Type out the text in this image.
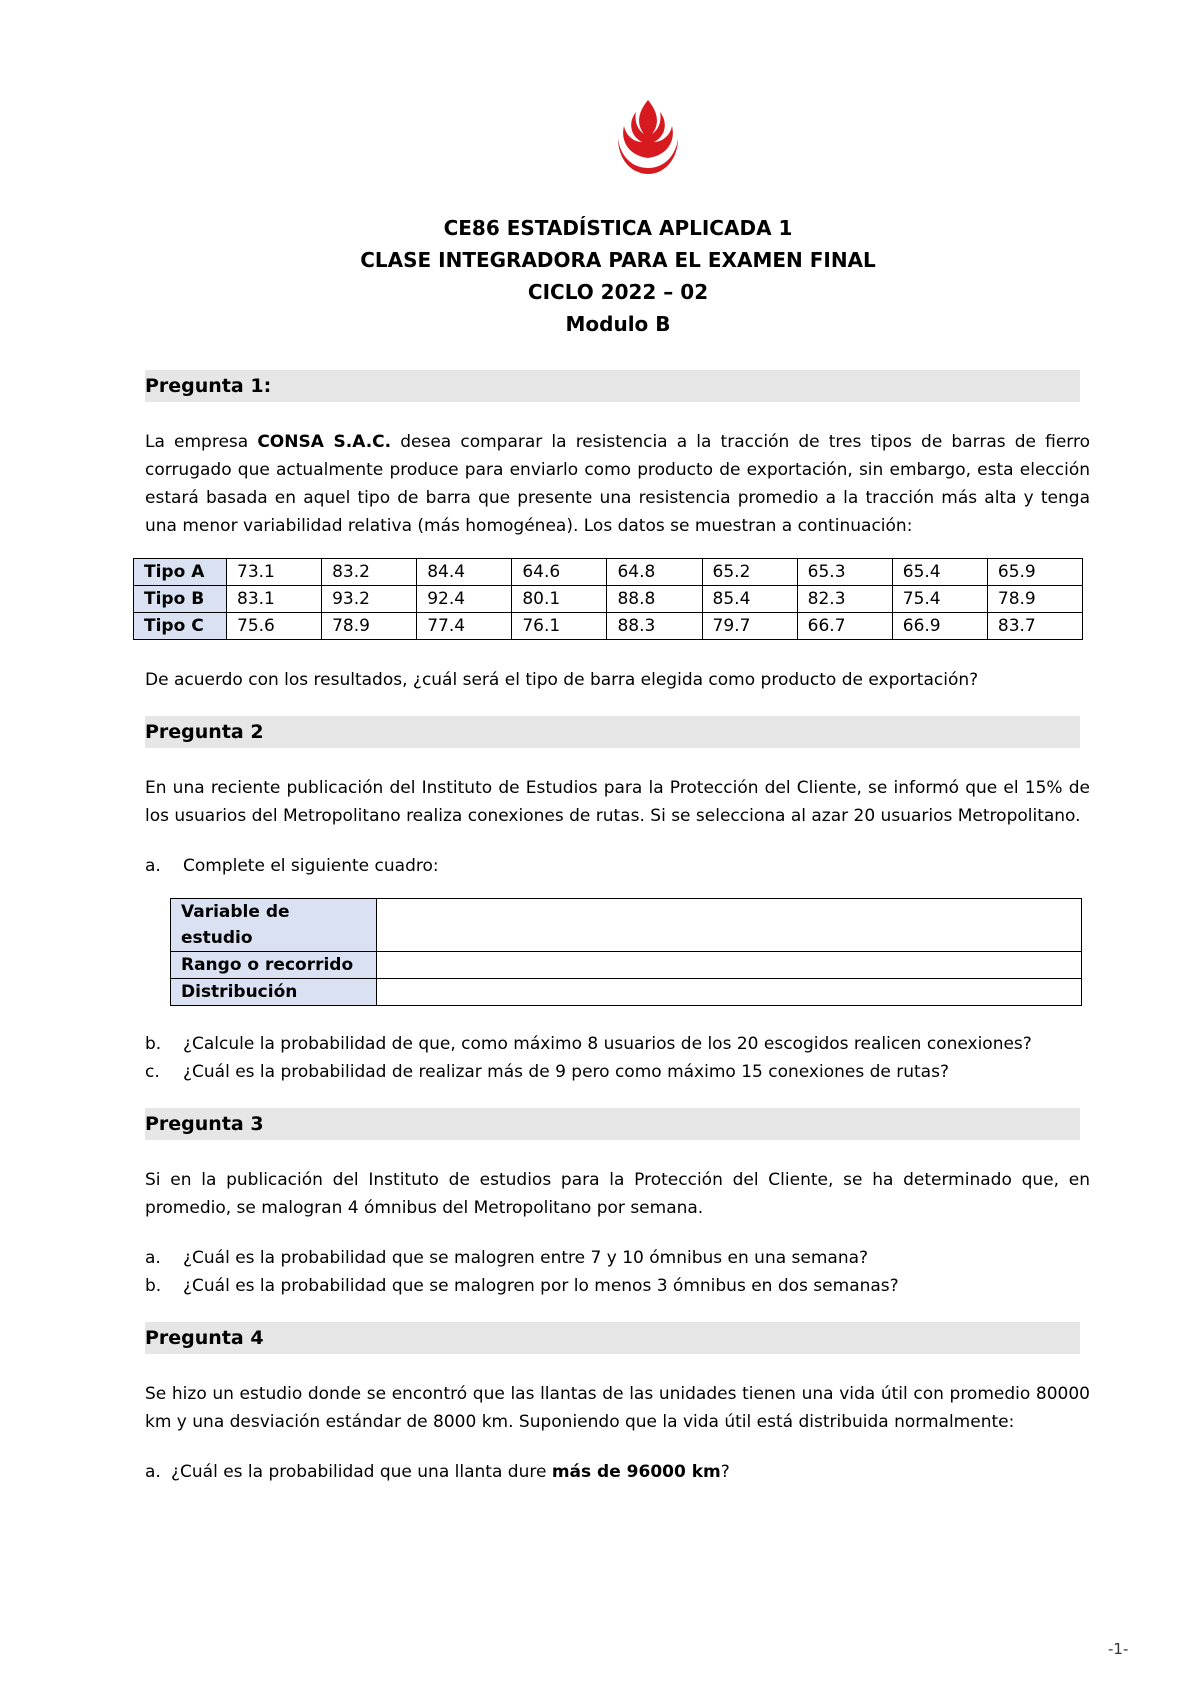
CE86 ESTADÍSTICA APLICADA 1
CLASE INTEGRADORA PARA EL EXAMEN FINAL
CICLO 2022 – 02
Modulo B
Pregunta 1:

La empresa CONSA S.A.C. desea comparar la resistencia a la tracción de tres tipos de barras de fierro corrugado que actualmente produce para enviarlo como producto de exportación, sin embargo, esta elección estará basada en aquel tipo de barra que presente una resistencia promedio a la tracción más alta y tenga una menor variabilidad relativa (más homogénea). Los datos se muestran a continuación:

Tipo A	73.1	83.2	84.4	64.6	64.8	65.2	65.3	65.4	65.9
Tipo B	83.1	93.2	92.4	80.1	88.8	85.4	82.3	75.4	78.9
Tipo C	75.6	78.9	77.4	76.1	88.3	79.7	66.7	66.9	83.7

De acuerdo con los resultados, ¿cuál será el tipo de barra elegida como producto de exportación?

Pregunta 2

En una reciente publicación del Instituto de Estudios para la Protección del Cliente, se informó que el 15% de los usuarios del Metropolitano realiza conexiones de rutas. Si se selecciona al azar 20 usuarios Metropolitano.

a.	Complete el siguiente cuadro:
Variable de estudio	
Rango o recorrido	
Distribución	
b.	¿Calcule la probabilidad de que, como máximo 8 usuarios de los 20 escogidos realicen conexiones?
c.	¿Cuál es la probabilidad de realizar más de 9 pero como máximo 15 conexiones de rutas?
Pregunta 3

Si en la publicación del Instituto de estudios para la Protección del Cliente, se ha determinado que, en promedio, se malogran 4 ómnibus del Metropolitano por semana.

a.	¿Cuál es la probabilidad que se malogren entre 7 y 10 ómnibus en una semana?
b.	¿Cuál es la probabilidad que se malogren por lo menos 3 ómnibus en dos semanas?
Pregunta 4

Se hizo un estudio donde se encontró que las llantas de las unidades tienen una vida útil con promedio 80000 km y una desviación estándar de 8000 km. Suponiendo que la vida útil está distribuida normalmente:

a. ¿Cuál es la probabilidad que una llanta dure más de 96000 km?
-1-
